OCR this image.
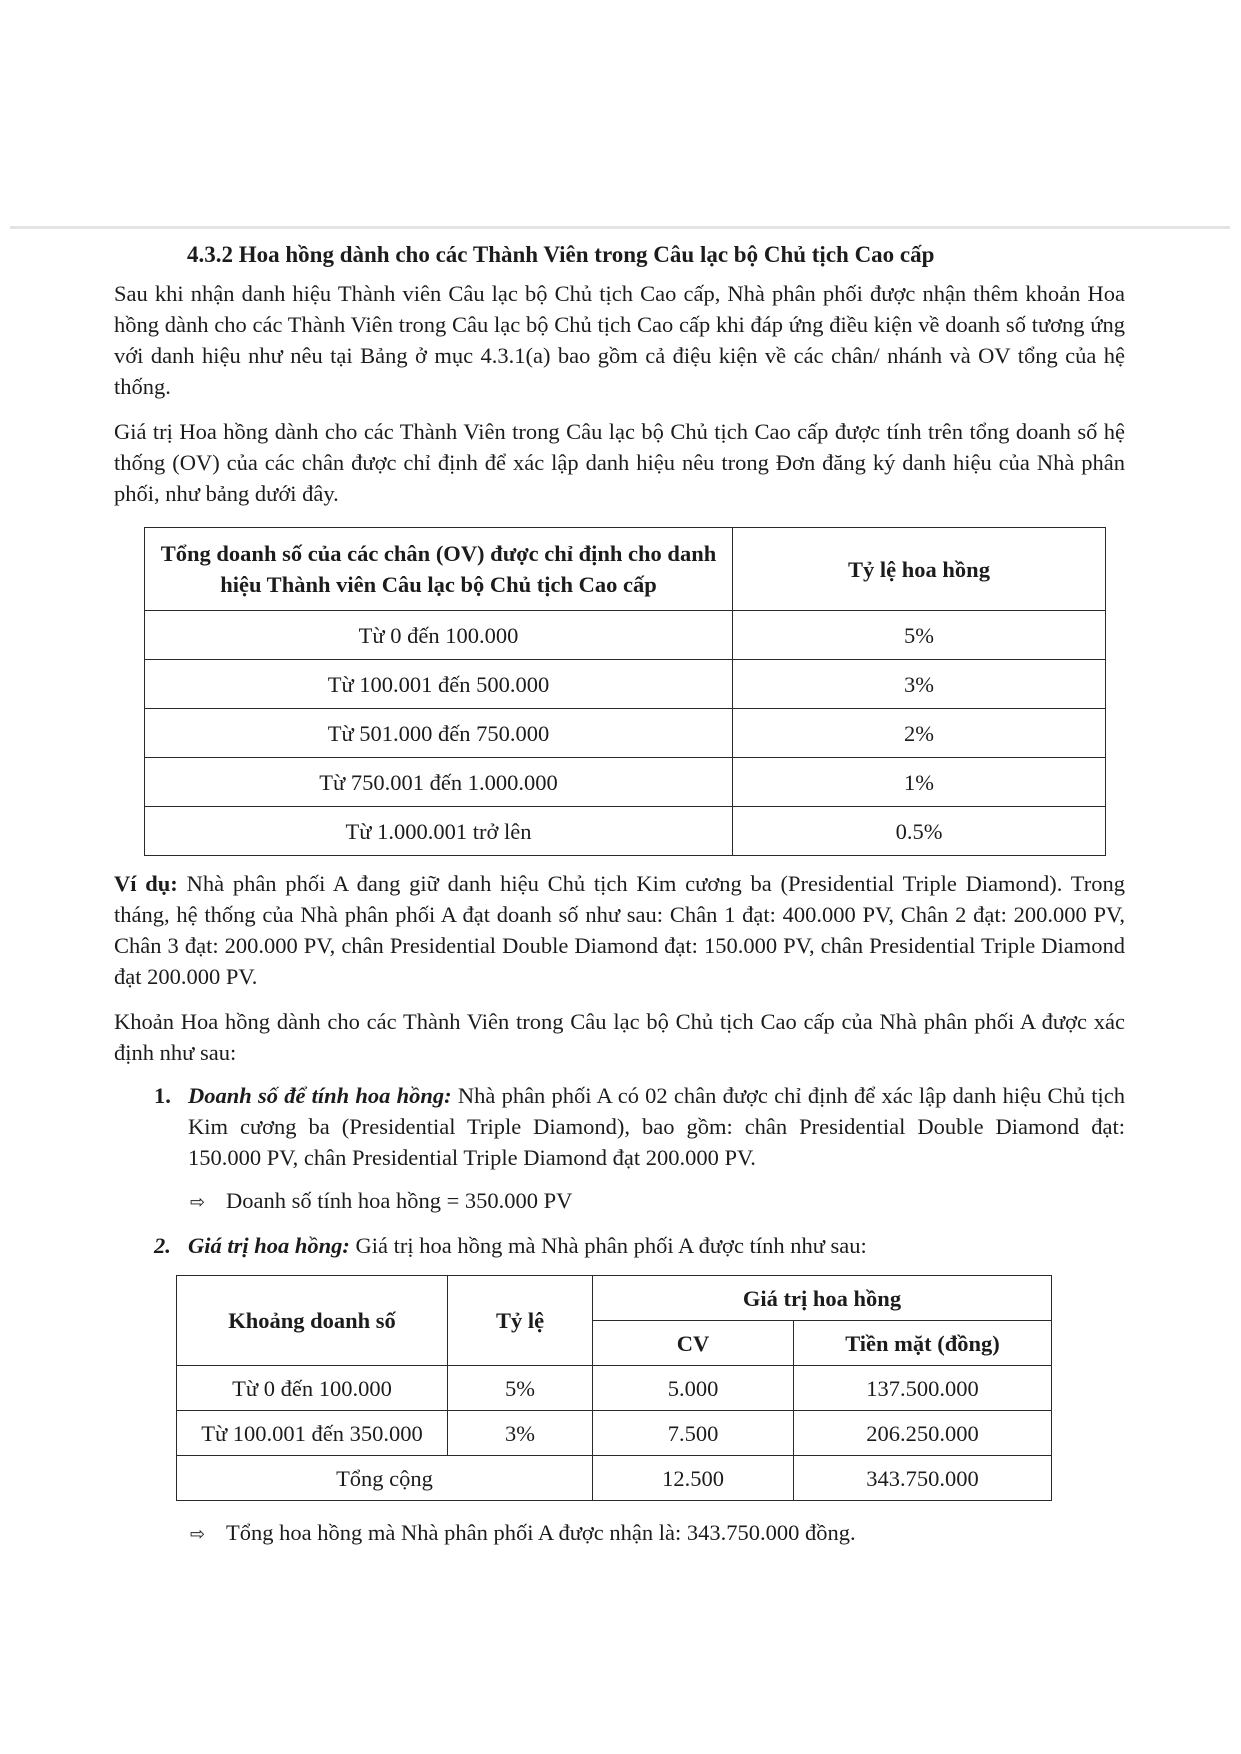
4.3.2 Hoa hồng dành cho các Thành Viên trong Câu lạc bộ Chủ tịch Cao cấp

Sau khi nhận danh hiệu Thành viên Câu lạc bộ Chủ tịch Cao cấp, Nhà phân phối được nhận thêm khoản Hoa hồng dành cho các Thành Viên trong Câu lạc bộ Chủ tịch Cao cấp khi đáp ứng điều kiện về doanh số tương ứng với danh hiệu như nêu tại Bảng ở mục 4.3.1(a) bao gồm cả điệu kiện về các chân/ nhánh và OV tổng của hệ thống.

Giá trị Hoa hồng dành cho các Thành Viên trong Câu lạc bộ Chủ tịch Cao cấp được tính trên tổng doanh số hệ thống (OV) của các chân được chỉ định để xác lập danh hiệu nêu trong Đơn đăng ký danh hiệu của Nhà phân phối, như bảng dưới đây.

Tổng doanh số của các chân (OV) được chỉ định cho danh hiệu Thành viên Câu lạc bộ Chủ tịch Cao cấp	Tỷ lệ hoa hồng
Từ 0 đến 100.000	5%
Từ 100.001 đến 500.000	3%
Từ 501.000 đến 750.000	2%
Từ 750.001 đến 1.000.000	1%
Từ 1.000.001 trở lên	0.5%

Ví dụ: Nhà phân phối A đang giữ danh hiệu Chủ tịch Kim cương ba (Presidential Triple Diamond). Trong tháng, hệ thống của Nhà phân phối A đạt doanh số như sau: Chân 1 đạt: 400.000 PV, Chân 2 đạt: 200.000 PV, Chân 3 đạt: 200.000 PV, chân Presidential Double Diamond đạt: 150.000 PV, chân Presidential Triple Diamond đạt 200.000 PV.

Khoản Hoa hồng dành cho các Thành Viên trong Câu lạc bộ Chủ tịch Cao cấp của Nhà phân phối A được xác định như sau:

1. Doanh số để tính hoa hồng: Nhà phân phối A có 02 chân được chỉ định để xác lập danh hiệu Chủ tịch Kim cương ba (Presidential Triple Diamond), bao gồm: chân Presidential Double Diamond đạt: 150.000 PV, chân Presidential Triple Diamond đạt 200.000 PV.
⇨ Doanh số tính hoa hồng = 350.000 PV
2. Giá trị hoa hồng: Giá trị hoa hồng mà Nhà phân phối A được tính như sau:
Khoảng doanh số	Tỷ lệ	Giá trị hoa hồng	
		CV	Tiền mặt (đồng)
Từ 0 đến 100.000	5%	5.000	137.500.000
Từ 100.001 đến 350.000	3%	7.500	206.250.000
Tổng cộng		12.500	343.750.000
⇨ Tổng hoa hồng mà Nhà phân phối A được nhận là: 343.750.000 đồng.
